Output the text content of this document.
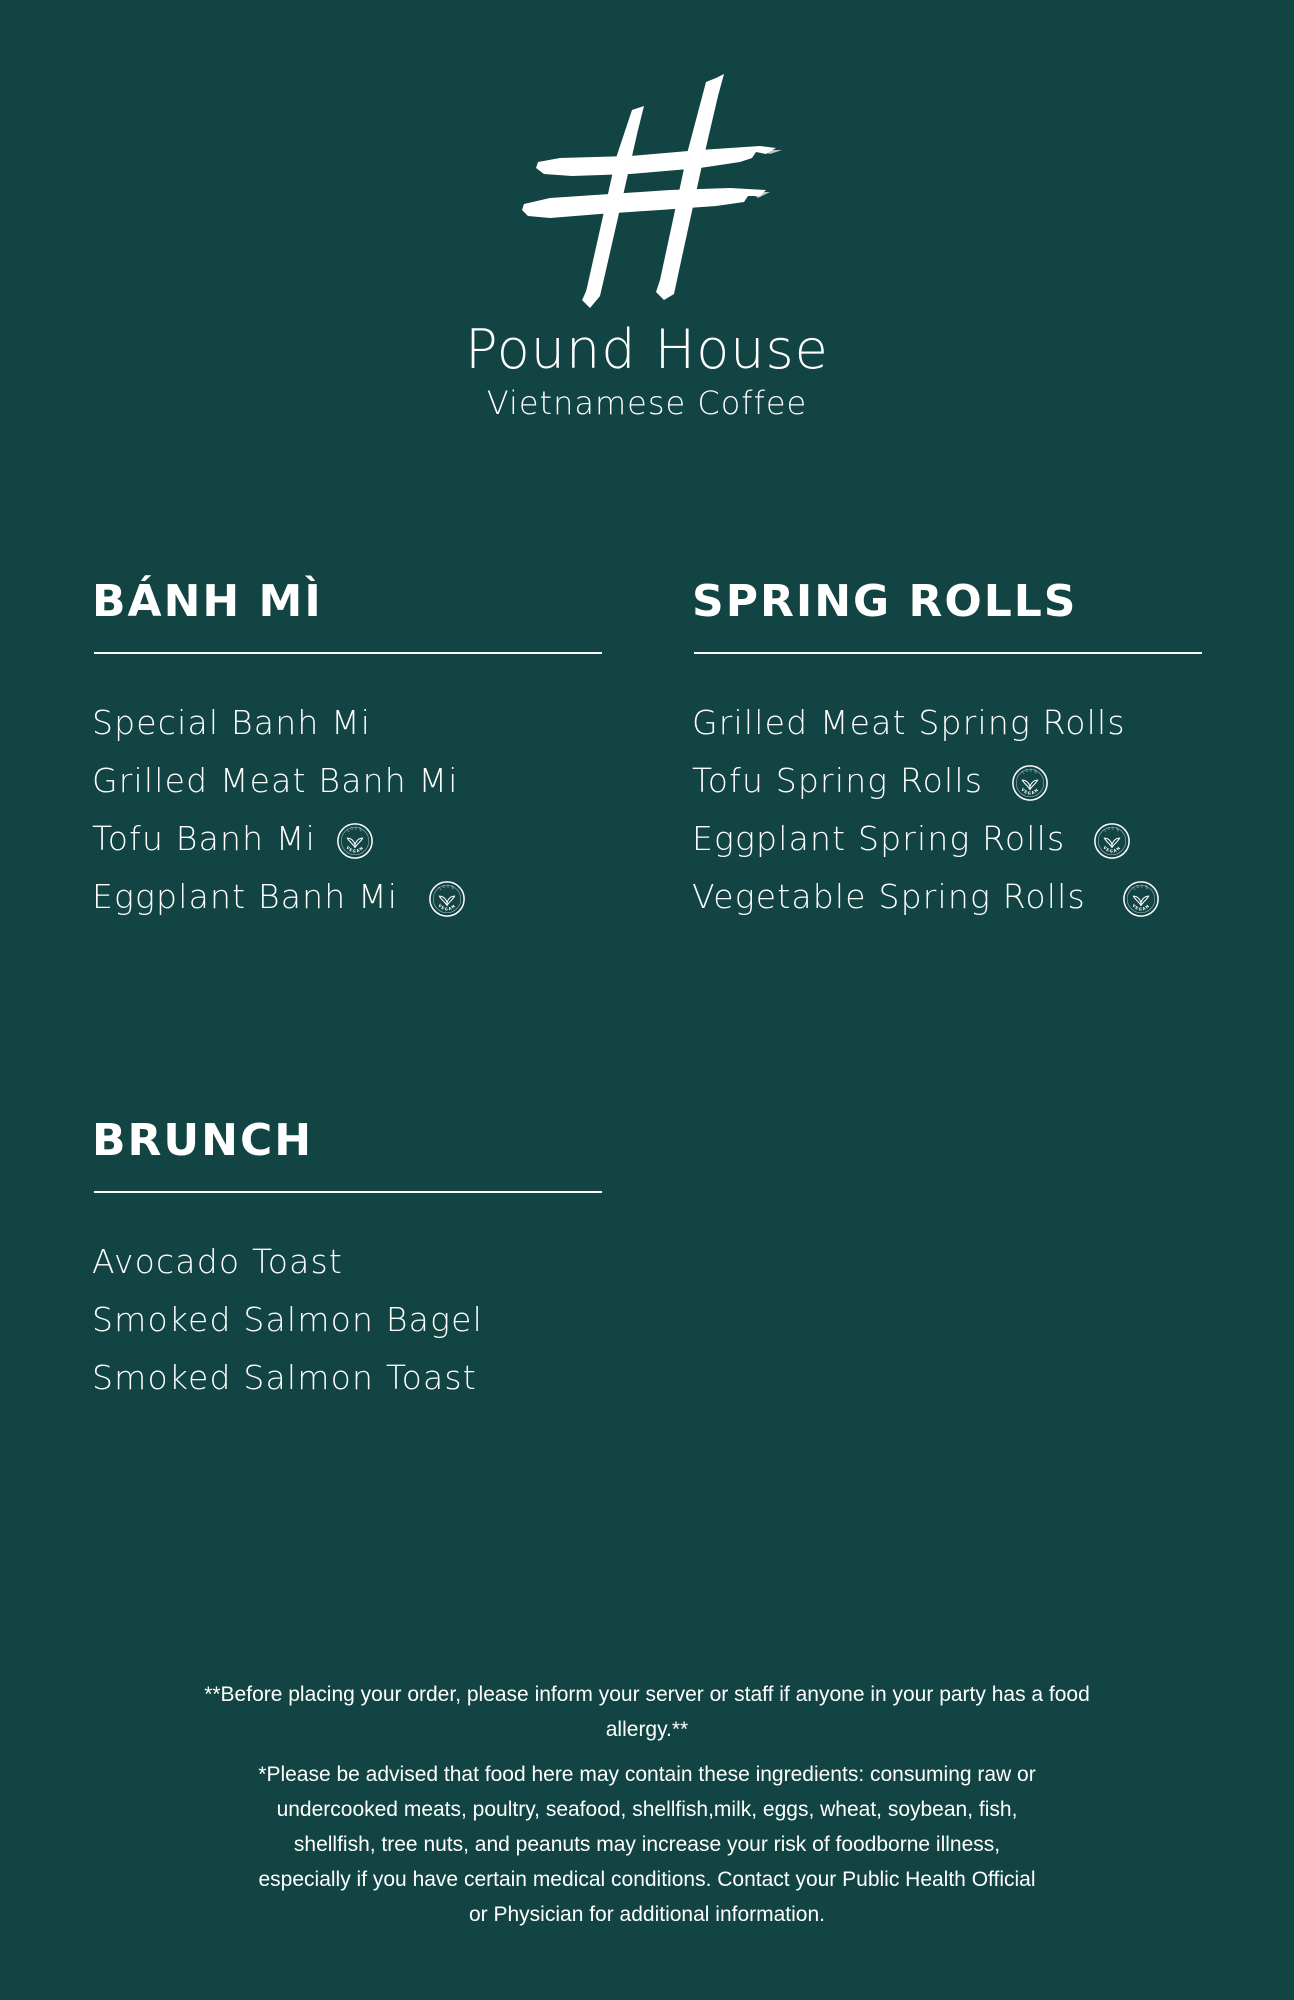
Pound House
Vietnamese Coffee
BÁNH MÌ
Special Banh Mi
Grilled Meat Banh Mi
Tofu Banh Mi	100%
VEGAN
Eggplant Banh Mi	100%
VEGAN
SPRING ROLLS
Grilled Meat Spring Rolls
Tofu Spring Rolls	100%
VEGAN
Eggplant Spring Rolls	100%
VEGAN
Vegetable Spring Rolls	100%
VEGAN
BRUNCH
Avocado Toast
Smoked Salmon Bagel
Smoked Salmon Toast
**Before placing your order, please inform your server or staff if anyone in your party has a food allergy.**
*Please be advised that food here may contain these ingredients: consuming raw or undercooked meats, poultry, seafood, shellfish,milk, eggs, wheat, soybean, fish, shellfish, tree nuts, and peanuts may increase your risk of foodborne illness, especially if you have certain medical conditions. Contact your Public Health Official or Physician for additional information.
